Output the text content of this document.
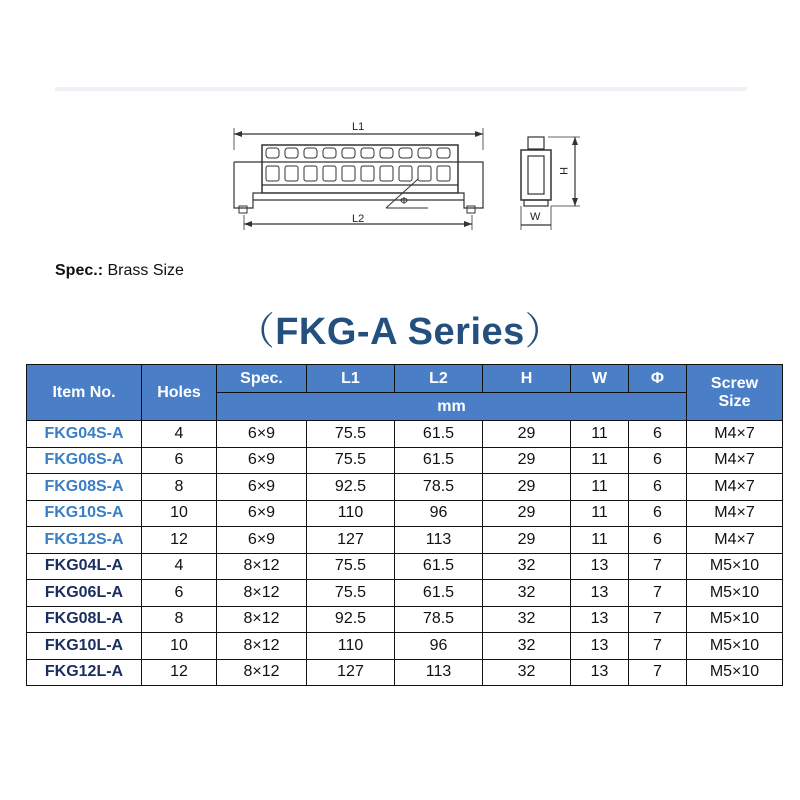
L1
L2
Φ
H
W
Spec.: Brass Size
（FKG-A Series）
Item No.	Holes	Spec.	L1	L2	H	W	Φ	Screw
Size
		mm						
FKG04S-A	4	6×9	75.5	61.5	29	11	6	M4×7
FKG06S-A	6	6×9	75.5	61.5	29	11	6	M4×7
FKG08S-A	8	6×9	92.5	78.5	29	11	6	M4×7
FKG10S-A	10	6×9	110	96	29	11	6	M4×7
FKG12S-A	12	6×9	127	113	29	11	6	M4×7
FKG04L-A	4	8×12	75.5	61.5	32	13	7	M5×10
FKG06L-A	6	8×12	75.5	61.5	32	13	7	M5×10
FKG08L-A	8	8×12	92.5	78.5	32	13	7	M5×10
FKG10L-A	10	8×12	110	96	32	13	7	M5×10
FKG12L-A	12	8×12	127	113	32	13	7	M5×10
